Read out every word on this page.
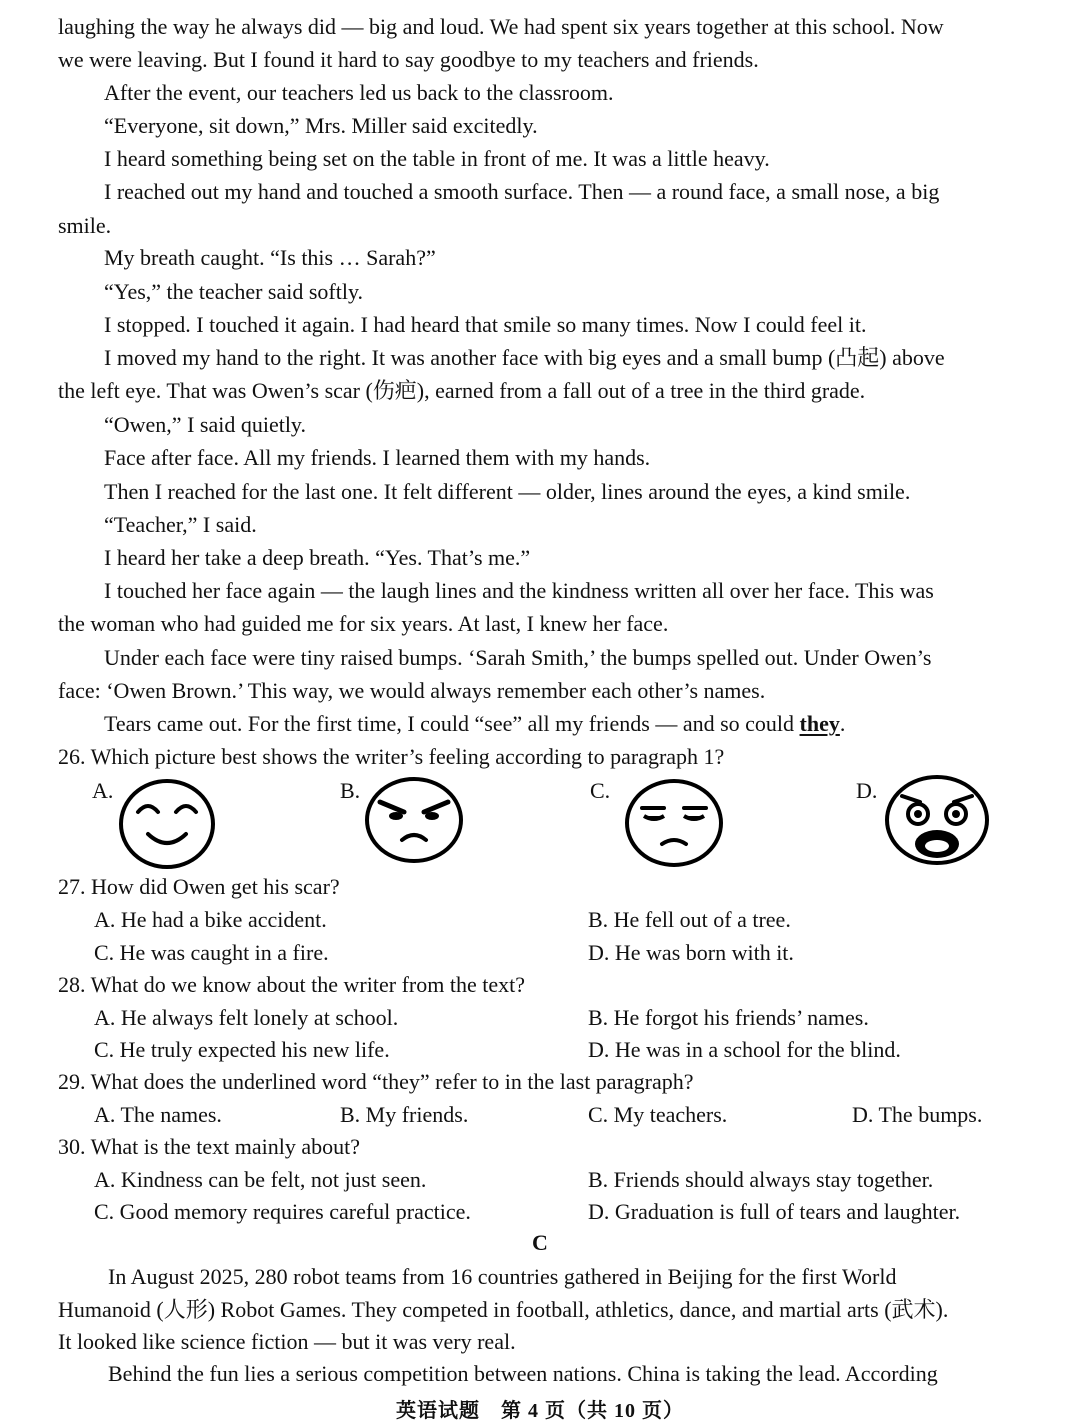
laughing the way he always did — big and loud. We had spent six years together at this school. Now
we were leaving. But I found it hard to say goodbye to my teachers and friends.
After the event, our teachers led us back to the classroom.
“Everyone, sit down,” Mrs. Miller said excitedly.
I heard something being set on the table in front of me. It was a little heavy.
I reached out my hand and touched a smooth surface. Then — a round face, a small nose, a big
smile.
My breath caught. “Is this … Sarah?”
“Yes,” the teacher said softly.
I stopped. I touched it again. I had heard that smile so many times. Now I could feel it.
I moved my hand to the right. It was another face with big eyes and a small bump (凸起) above
the left eye. That was Owen’s scar (伤疤), earned from a fall out of a tree in the third grade.
“Owen,” I said quietly.
Face after face. All my friends. I learned them with my hands.
Then I reached for the last one. It felt different — older, lines around the eyes, a kind smile.
“Teacher,” I said.
I heard her take a deep breath. “Yes. That’s me.”
I touched her face again — the laugh lines and the kindness written all over her face. This was
the woman who had guided me for six years. At last, I knew her face.
Under each face were tiny raised bumps. ‘Sarah Smith,’ the bumps spelled out. Under Owen’s
face: ‘Owen Brown.’ This way, we would always remember each other’s names.
Tears came out. For the first time, I could “see” all my friends — and so could they.
26. Which picture best shows the writer’s feeling according to paragraph 1?
A.	B.	C.	D.
27. How did Owen get his scar?
A. He had a bike accident.	B. He fell out of a tree.
C. He was caught in a fire.	D. He was born with it.
28. What do we know about the writer from the text?
A. He always felt lonely at school.	B. He forgot his friends’ names.
C. He truly expected his new life.	D. He was in a school for the blind.
29. What does the underlined word “they” refer to in the last paragraph?
A. The names.	B. My friends.	C. My teachers.	D. The bumps.
30. What is the text mainly about?
A. Kindness can be felt, not just seen.	B. Friends should always stay together.
C. Good memory requires careful practice.	D. Graduation is full of tears and laughter.
C
In August 2025, 280 robot teams from 16 countries gathered in Beijing for the first World
Humanoid (人形) Robot Games. They competed in football, athletics, dance, and martial arts (武术).
It looked like science fiction — but it was very real.
Behind the fun lies a serious competition between nations. China is taking the lead. According
英语试题　第 4 页（共 10 页）
